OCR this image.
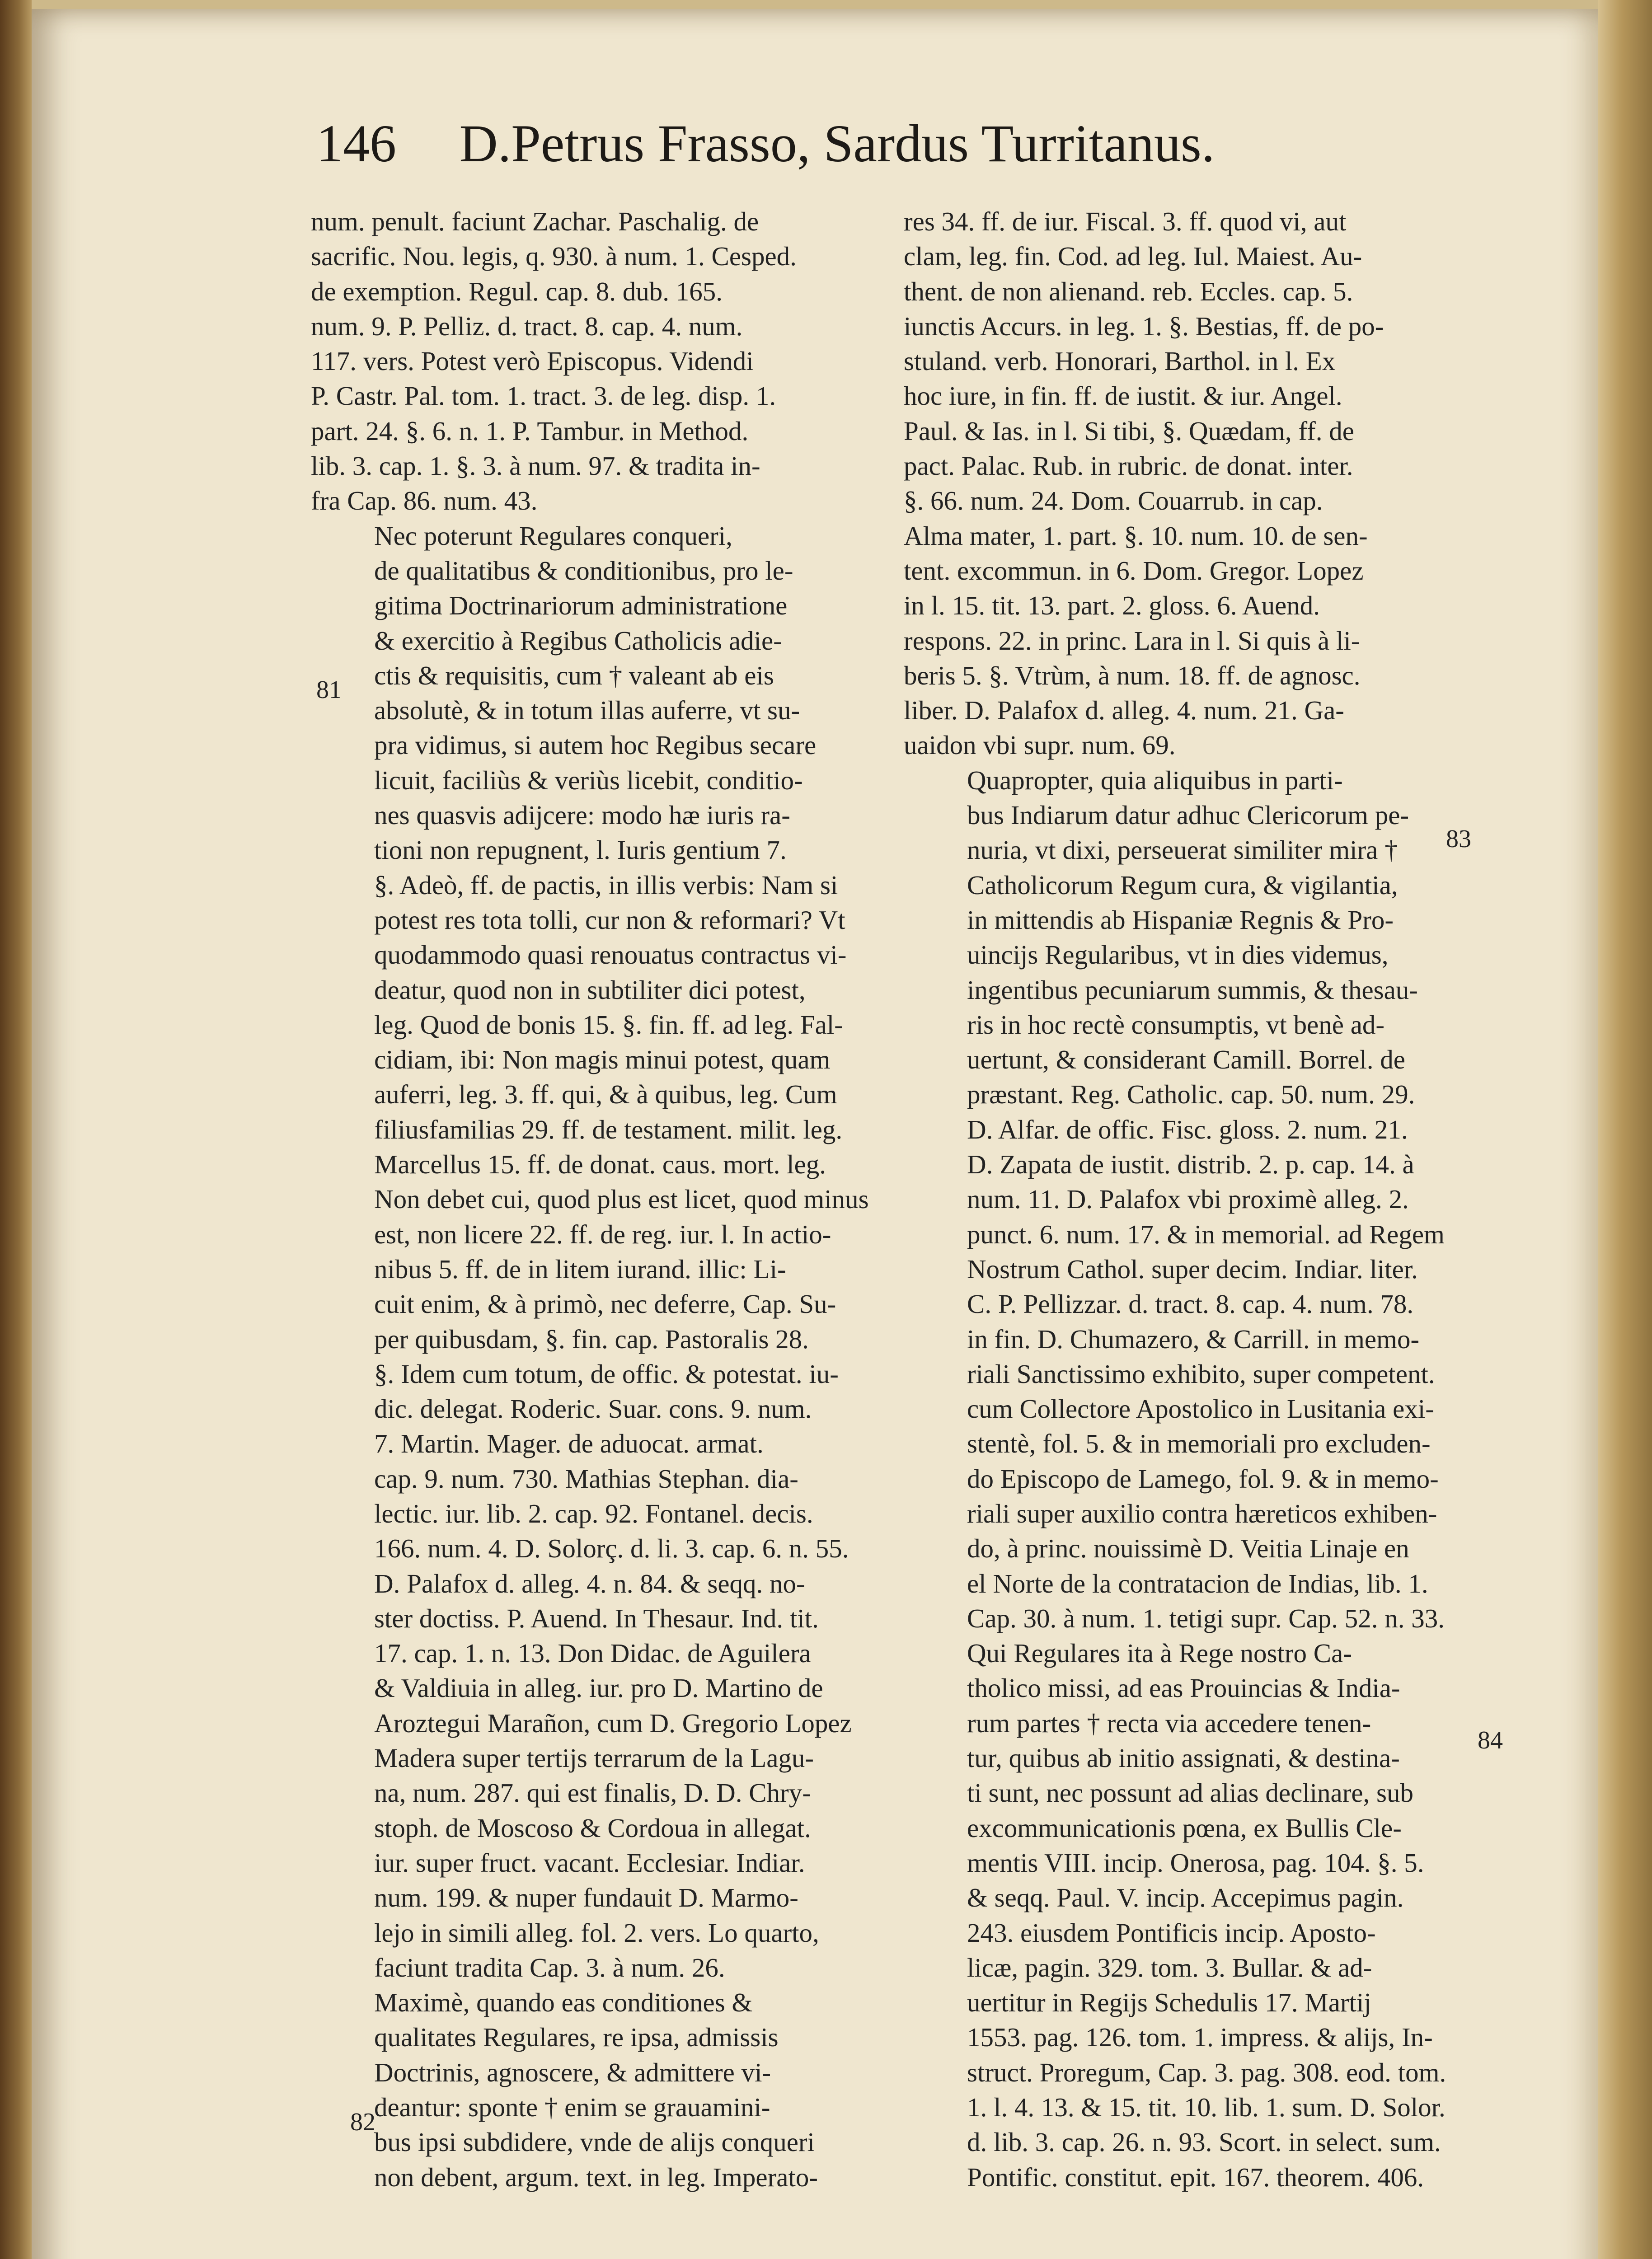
146 D.Petrus Frasso, Sardus Turritanus.

num. penult. faciunt Zachar. Paschalig. de
sacrific. Nou. legis, q. 930. à num. 1. Cesped.
de exemption. Regul. cap. 8. dub. 165.
num. 9. P. Pelliz. d. tract. 8. cap. 4. num.
117. vers. Potest verò Episcopus. Videndi
P. Castr. Pal. tom. 1. tract. 3. de leg. disp. 1.
part. 24. §. 6. n. 1. P. Tambur. in Method.
lib. 3. cap. 1. §. 3. à num. 97. & tradita in-
fra Cap. 86. num. 43.

Nec poterunt Regulares conqueri,
de qualitatibus & conditionibus, pro le-
gitima Doctrinariorum administratione
& exercitio à Regibus Catholicis adie-
ctis & requisitis, cum † valeant ab eis
absolutè, & in totum illas auferre, vt su-
pra vidimus, si autem hoc Regibus secare
licuit, faciliùs & veriùs licebit, conditio-
nes quasvis adijcere: modo hæ iuris ra-
tioni non repugnent, l. Iuris gentium 7.
§. Adeò, ff. de pactis, in illis verbis: Nam si
potest res tota tolli, cur non & reformari? Vt
quodammodo quasi renouatus contractus vi-
deatur, quod non in subtiliter dici potest,
leg. Quod de bonis 15. §. fin. ff. ad leg. Fal-
cidiam, ibi: Non magis minui potest, quam
auferri, leg. 3. ff. qui, & à quibus, leg. Cum
filiusfamilias 29. ff. de testament. milit. leg.
Marcellus 15. ff. de donat. caus. mort. leg.
Non debet cui, quod plus est licet, quod minus
est, non licere 22. ff. de reg. iur. l. In actio-
nibus 5. ff. de in litem iurand. illic: Li-
cuit enim, & à primò, nec deferre, Cap. Su-
per quibusdam, §. fin. cap. Pastoralis 28.
§. Idem cum totum, de offic. & potestat. iu-
dic. delegat. Roderic. Suar. cons. 9. num.
7. Martin. Mager. de aduocat. armat.
cap. 9. num. 730. Mathias Stephan. dia-
lectic. iur. lib. 2. cap. 92. Fontanel. decis.
166. num. 4. D. Solorç. d. li. 3. cap. 6. n. 55.
D. Palafox d. alleg. 4. n. 84. & seqq. no-
ster doctiss. P. Auend. In Thesaur. Ind. tit.
17. cap. 1. n. 13. Don Didac. de Aguilera
& Valdiuia in alleg. iur. pro D. Martino de
Aroztegui Marañon, cum D. Gregorio Lopez
Madera super tertijs terrarum de la Lagu-
na, num. 287. qui est finalis, D. D. Chry-
stoph. de Moscoso & Cordoua in allegat.
iur. super fruct. vacant. Ecclesiar. Indiar.
num. 199. & nuper fundauit D. Marmo-
lejo in simili alleg. fol. 2. vers. Lo quarto,
faciunt tradita Cap. 3. à num. 26.

Maximè, quando eas conditiones &
qualitates Regulares, re ipsa, admissis
Doctrinis, agnoscere, & admittere vi-
deantur: sponte † enim se grauamini-
bus ipsi subdidere, vnde de alijs conqueri
non debent, argum. text. in leg. Imperato-

res 34. ff. de iur. Fiscal. 3. ff. quod vi, aut
clam, leg. fin. Cod. ad leg. Iul. Maiest. Au-
thent. de non alienand. reb. Eccles. cap. 5.
iunctis Accurs. in leg. 1. §. Bestias, ff. de po-
stuland. verb. Honorari, Barthol. in l. Ex
hoc iure, in fin. ff. de iustit. & iur. Angel.
Paul. & Ias. in l. Si tibi, §. Quædam, ff. de
pact. Palac. Rub. in rubric. de donat. inter.
§. 66. num. 24. Dom. Couarrub. in cap.
Alma mater, 1. part. §. 10. num. 10. de sen-
tent. excommun. in 6. Dom. Gregor. Lopez
in l. 15. tit. 13. part. 2. gloss. 6. Auend.
respons. 22. in princ. Lara in l. Si quis à li-
beris 5. §. Vtrùm, à num. 18. ff. de agnosc.
liber. D. Palafox d. alleg. 4. num. 21. Ga-
uaidon vbi supr. num. 69.

Quapropter, quia aliquibus in parti-
bus Indiarum datur adhuc Clericorum pe-
nuria, vt dixi, perseuerat similiter mira †
Catholicorum Regum cura, & vigilantia,
in mittendis ab Hispaniæ Regnis & Pro-
uincijs Regularibus, vt in dies videmus,
ingentibus pecuniarum summis, & thesau-
ris in hoc rectè consumptis, vt benè ad-
uertunt, & considerant Camill. Borrel. de
præstant. Reg. Catholic. cap. 50. num. 29.
D. Alfar. de offic. Fisc. gloss. 2. num. 21.
D. Zapata de iustit. distrib. 2. p. cap. 14. à
num. 11. D. Palafox vbi proximè alleg. 2.
punct. 6. num. 17. & in memorial. ad Regem
Nostrum Cathol. super decim. Indiar. liter.
C. P. Pellizzar. d. tract. 8. cap. 4. num. 78.
in fin. D. Chumazero, & Carrill. in memo-
riali Sanctissimo exhibito, super competent.
cum Collectore Apostolico in Lusitania exi-
stentè, fol. 5. & in memoriali pro excluden-
do Episcopo de Lamego, fol. 9. & in memo-
riali super auxilio contra hæreticos exhiben-
do, à princ. nouissimè D. Veitia Linaje en
el Norte de la contratacion de Indias, lib. 1.
Cap. 30. à num. 1. tetigi supr. Cap. 52. n. 33.

Qui Regulares ita à Rege nostro Ca-
tholico missi, ad eas Prouincias & India-
rum partes † recta via accedere tenen-
tur, quibus ab initio assignati, & destina-
ti sunt, nec possunt ad alias declinare, sub
excommunicationis pœna, ex Bullis Cle-
mentis VIII. incip. Onerosa, pag. 104. §. 5.
& seqq. Paul. V. incip. Accepimus pagin.
243. eiusdem Pontificis incip. Aposto-
licæ, pagin. 329. tom. 3. Bullar. & ad-
uertitur in Regijs Schedulis 17. Martij
1553. pag. 126. tom. 1. impress. & alijs, In-
struct. Proregum, Cap. 3. pag. 308. eod. tom.
1. l. 4. 13. & 15. tit. 10. lib. 1. sum. D. Solor.
d. lib. 3. cap. 26. n. 93. Scort. in select. sum.
Pontific. constitut. epit. 167. theorem. 406.

81
82
83
84
